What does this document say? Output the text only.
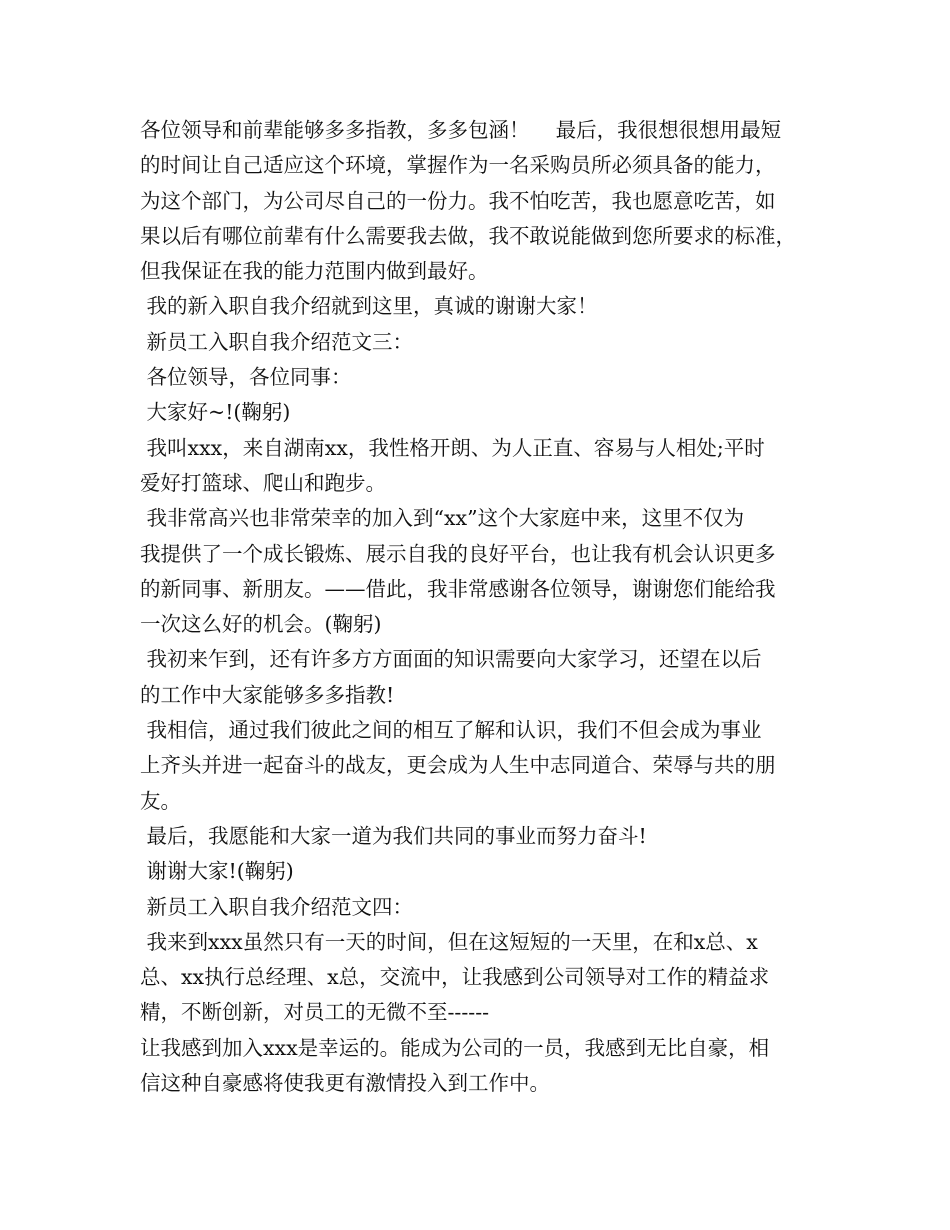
各位领导和前辈能够多多指教，多多包涵！    最后，我很想很想用最短
的时间让自己适应这个环境，掌握作为一名采购员所必须具备的能力，
为这个部门，为公司尽自己的一份力。我不怕吃苦，我也愿意吃苦，如
果以后有哪位前辈有什么需要我去做，我不敢说能做到您所要求的标准，
但我保证在我的能力范围内做到最好。
我的新入职自我介绍就到这里，真诚的谢谢大家！
新员工入职自我介绍范文三：
各位领导，各位同事：
大家好~!(鞠躬)
我叫xxx，来自湖南xx，我性格开朗、为人正直、容易与人相处;平时
爱好打篮球、爬山和跑步。
我非常高兴也非常荣幸的加入到“xx”这个大家庭中来，这里不仅为
我提供了一个成长锻炼、展示自我的良好平台，也让我有机会认识更多
的新同事、新朋友。——借此，我非常感谢各位领导，谢谢您们能给我
一次这么好的机会。(鞠躬)
我初来乍到，还有许多方方面面的知识需要向大家学习，还望在以后
的工作中大家能够多多指教!
我相信，通过我们彼此之间的相互了解和认识，我们不但会成为事业
上齐头并进一起奋斗的战友，更会成为人生中志同道合、荣辱与共的朋
友。
最后，我愿能和大家一道为我们共同的事业而努力奋斗!
谢谢大家!(鞠躬)
新员工入职自我介绍范文四：
我来到xxx虽然只有一天的时间，但在这短短的一天里，在和x总、x
总、xx执行总经理、x总，交流中，让我感到公司领导对工作的精益求
精，不断创新，对员工的无微不至------
让我感到加入xxx是幸运的。能成为公司的一员，我感到无比自豪，相
信这种自豪感将使我更有激情投入到工作中。
